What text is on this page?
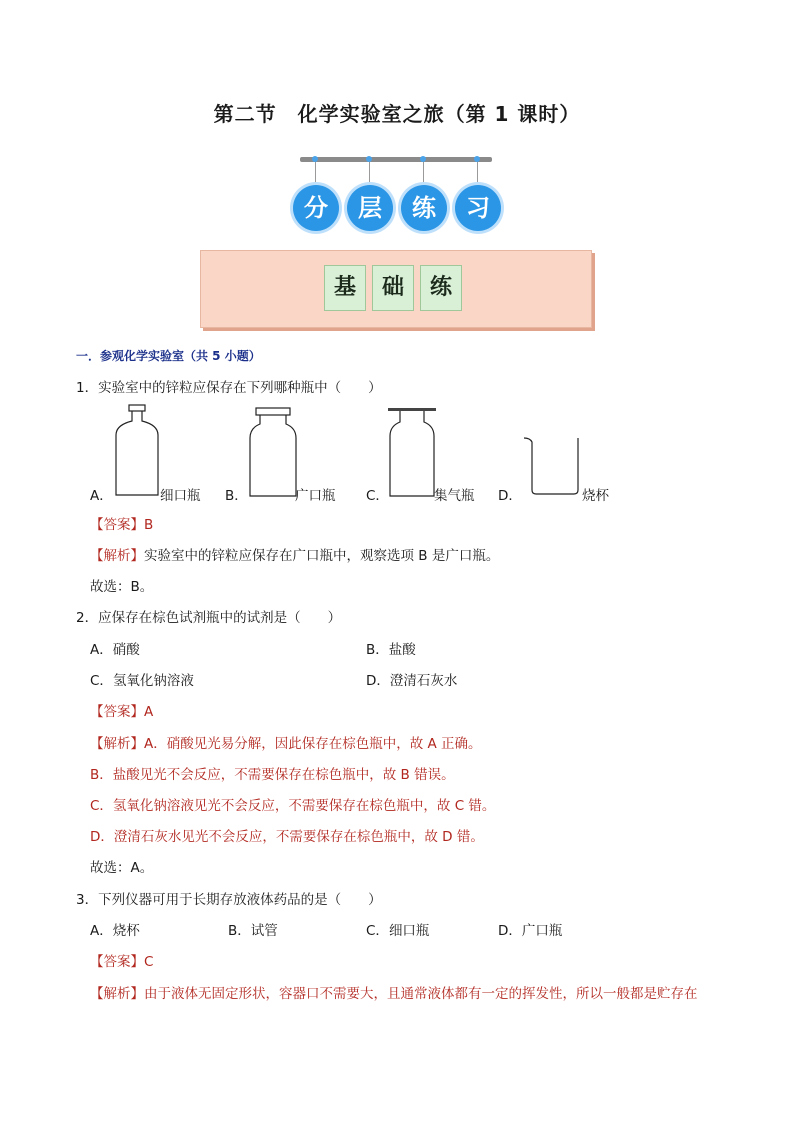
第二节　化学实验室之旅（第 1 课时）
分	层	练	习
基	础	练
一．参观化学实验室（共 5 小题）
1．实验室中的锌粒应保存在下列哪种瓶中（　　）
A．	细口瓶 B．	广口瓶 C．	集气瓶 D．	烧杯
【答案】B
【解析】实验室中的锌粒应保存在广口瓶中，观察选项 B 是广口瓶。
故选：B。
2．应保存在棕色试剂瓶中的试剂是（　　）
A．硝酸	B．盐酸
C．氢氧化钠溶液	D．澄清石灰水
【答案】A
【解析】A．硝酸见光易分解，因此保存在棕色瓶中，故 A 正确。
B．盐酸见光不会反应，不需要保存在棕色瓶中，故 B 错误。
C．氢氧化钠溶液见光不会反应，不需要保存在棕色瓶中，故 C 错。
D．澄清石灰水见光不会反应，不需要保存在棕色瓶中，故 D 错。
故选：A。
3．下列仪器可用于长期存放液体药品的是（　　）
A．烧杯	B．试管	C．细口瓶	D．广口瓶
【答案】C
【解析】由于液体无固定形状，容器口不需要大，且通常液体都有一定的挥发性，所以一般都是贮存在
